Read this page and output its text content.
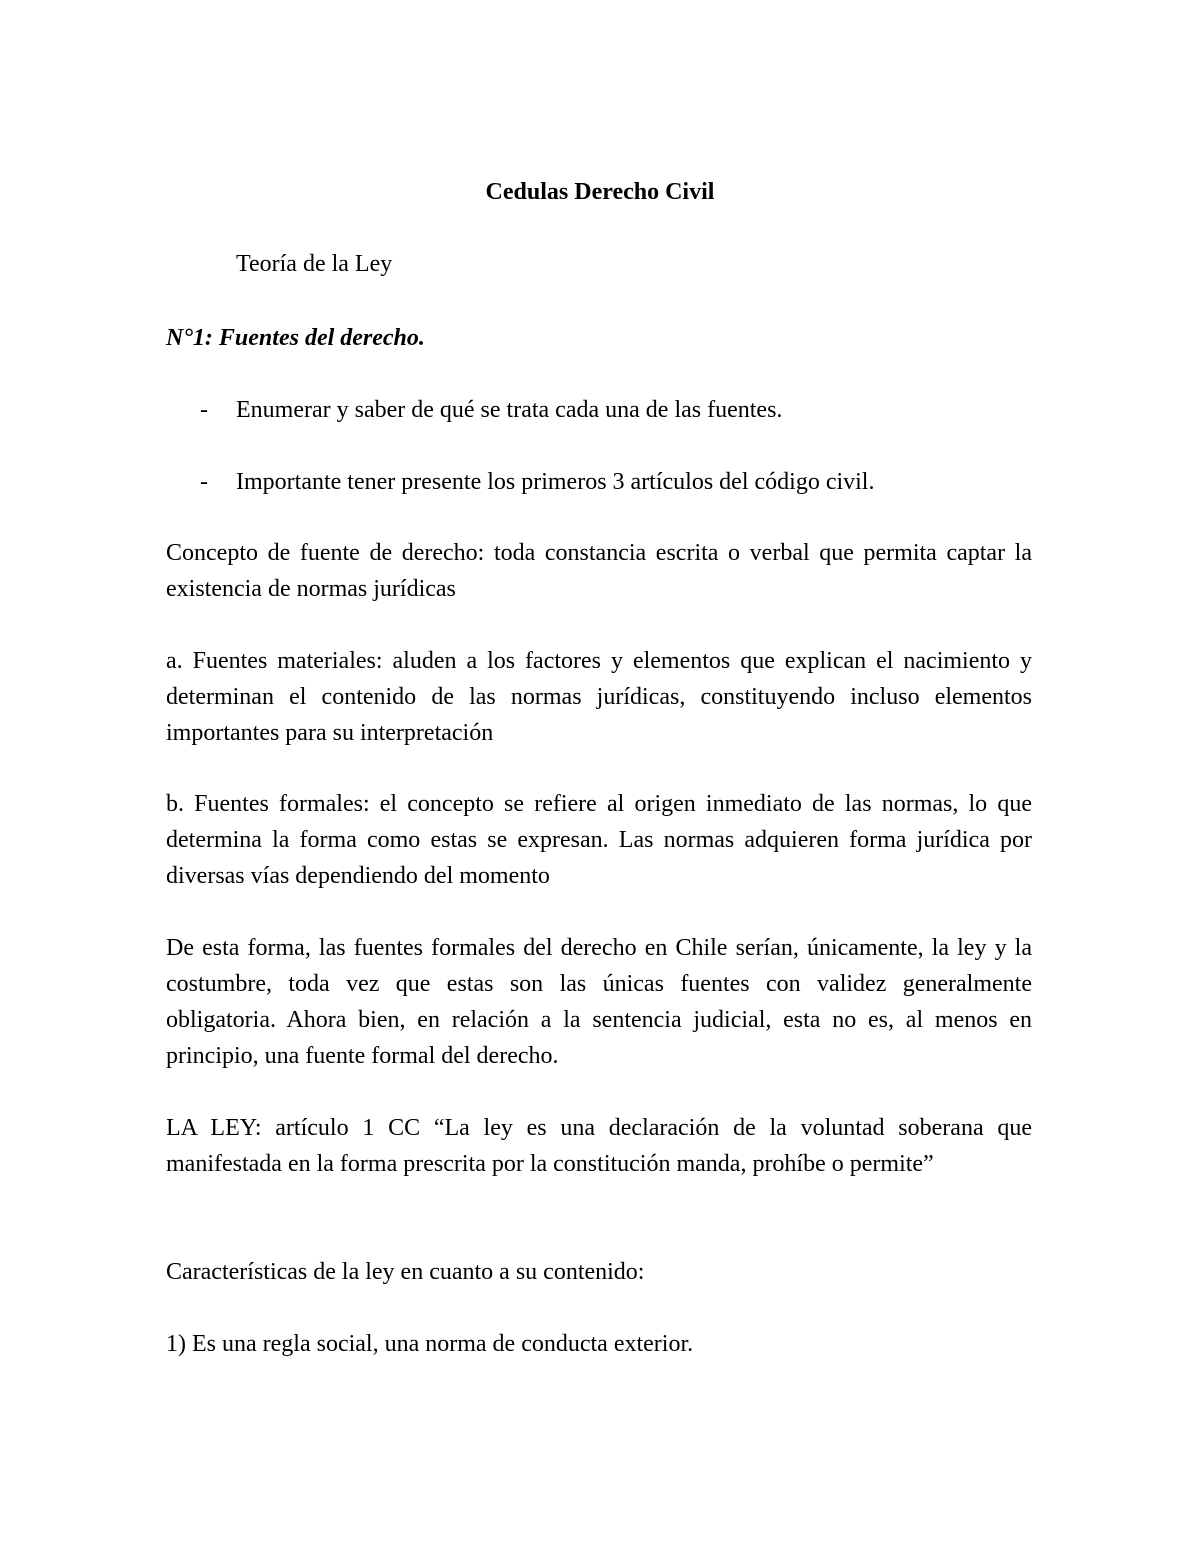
Cedulas Derecho Civil
Teoría de la Ley
N°1: Fuentes del derecho.
- Enumerar y saber de qué se trata cada una de las fuentes.
- Importante tener presente los primeros 3 artículos del código civil.

Concepto de fuente de derecho: toda constancia escrita o verbal que permita captar la existencia de normas jurídicas

a. Fuentes materiales: aluden a los factores y elementos que explican el nacimiento y determinan el contenido de las normas jurídicas, constituyendo incluso elementos importantes para su interpretación

b. Fuentes formales: el concepto se refiere al origen inmediato de las normas, lo que determina la forma como estas se expresan. Las normas adquieren forma jurídica por diversas vías dependiendo del momento

De esta forma, las fuentes formales del derecho en Chile serían, únicamente, la ley y la costumbre, toda vez que estas son las únicas fuentes con validez generalmente obligatoria. Ahora bien, en relación a la sentencia judicial, esta no es, al menos en principio, una fuente formal del derecho.

LA LEY: artículo 1 CC “La ley es una declaración de la voluntad soberana que manifestada en la forma prescrita por la constitución manda, prohíbe o permite”

Características de la ley en cuanto a su contenido:

1) Es una regla social, una norma de conducta exterior.
